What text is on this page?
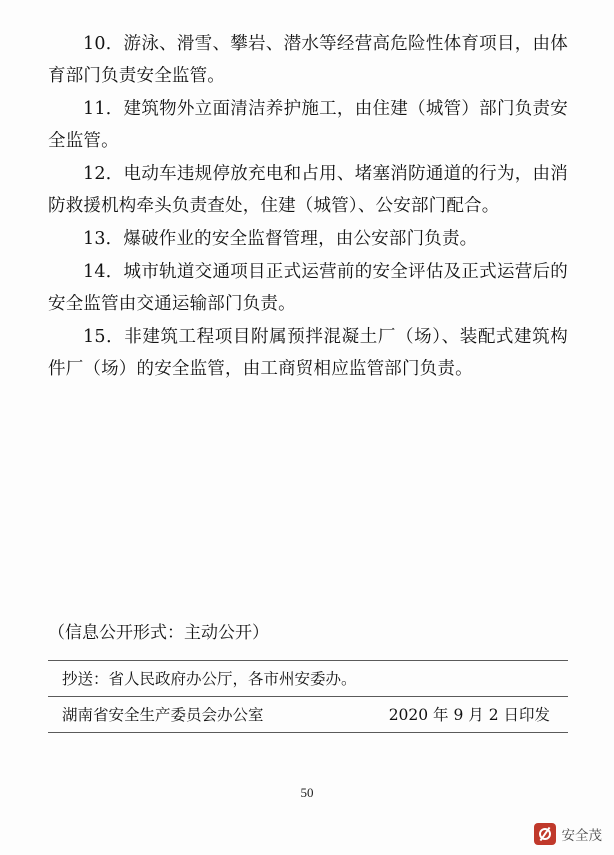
10．游泳、滑雪、攀岩、潜水等经营高危险性体育项目，由体育部门负责安全监管。

11．建筑物外立面清洁养护施工，由住建（城管）部门负责安全监管。

12．电动车违规停放充电和占用、堵塞消防通道的行为，由消防救援机构牵头负责查处，住建（城管）、公安部门配合。

13．爆破作业的安全监督管理，由公安部门负责。

14．城市轨道交通项目正式运营前的安全评估及正式运营后的安全监管由交通运输部门负责。

15．非建筑工程项目附属预拌混凝土厂（场）、装配式建筑构件厂（场）的安全监管，由工商贸相应监管部门负责。

（信息公开形式：主动公开）
抄送：省人民政府办公厅，各市州安委办。
湖南省安全生产委员会办公室	2020 年 9 月 2 日印发
50
安全茂
